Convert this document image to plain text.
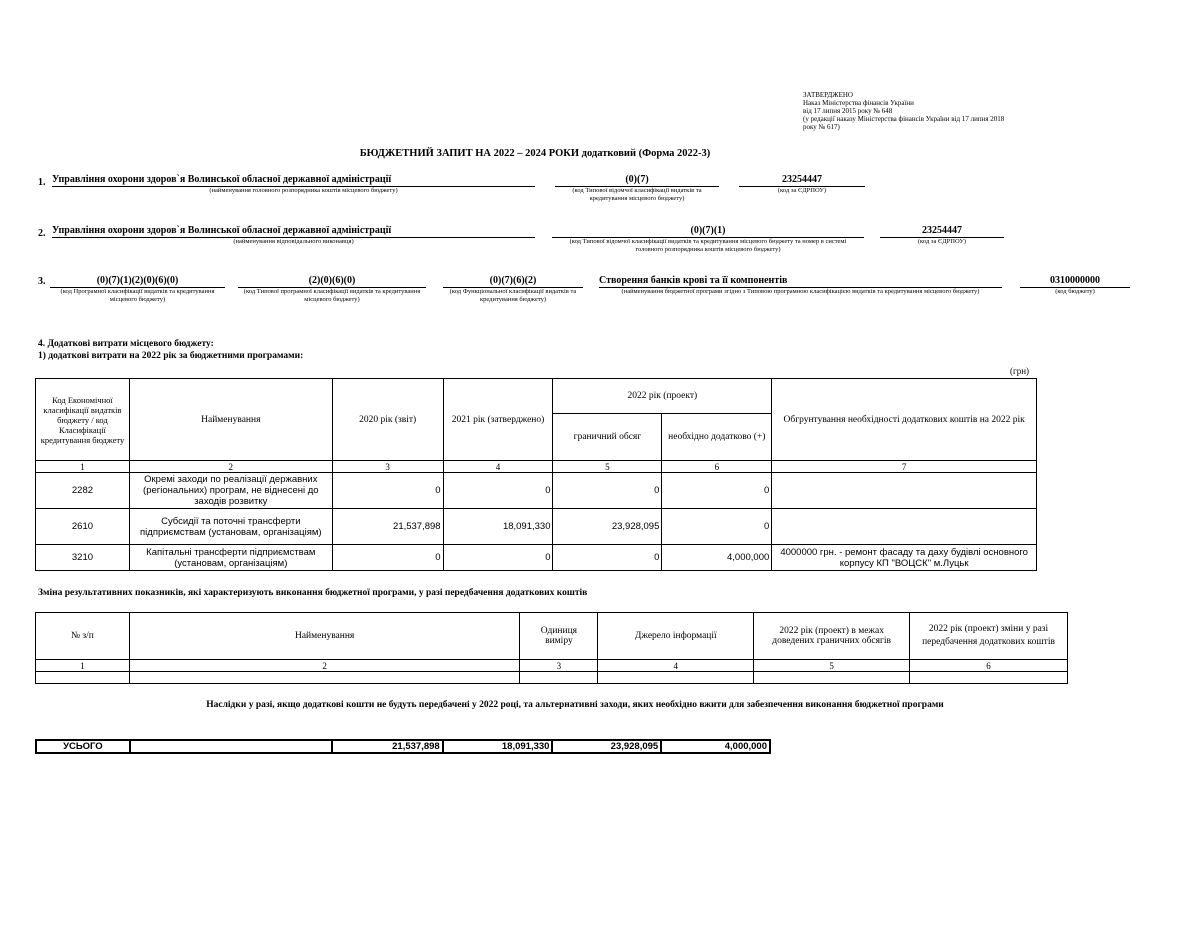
ЗАТВЕРДЖЕНО
Наказ Міністерства фінансів України
від 17 липня 2015 року № 648
(у редакції наказу Міністерства фінансів України від 17 липня 2018
року № 617)
БЮДЖЕТНИЙ ЗАПИТ НА 2022 – 2024 РОКИ додатковий (Форма 2022-3)
1. Управління охорони здоров`я Волинської обласної державної адміністрації
(найменування головного розпорядника коштів місцевого бюджету)
(0)(7)
(код Типової відомчої класифікації видатків та кредитування місцевого бюджету)
23254447
(код за ЄДРПОУ)
2. Управління охорони здоров`я Волинської обласної державної адміністрації
(найменування відповідального виконавця)
(0)(7)(1)
(код Типової відомчої класифікації видатків та кредитування місцевого бюджету та номер в системі головного розпорядника коштів місцевого бюджету)
23254447
(код за ЄДРПОУ)
3.	(0)(7)(1)(2)(0)(6)(0)
(код Програмної класифікації видатків та кредитування місцевого бюджету)
(2)(0)(6)(0)
(код Типової програмної класифікації видатків та кредитування місцевого бюджету)
(0)(7)(6)(2)
(код Функціональної класифікації видатків та кредитування бюджету)
Створення банків крові та її компонентів
(найменування бюджетної програми згідно з Типовою програмною класифікацією видатків та кредитування місцевого бюджету)
0310000000
(код бюджету)
4. Додаткові витрати місцевого бюджету:
1) додаткові витрати на 2022 рік за бюджетними програмами:
(грн)
Код Економічної класифікації видатків бюджету / код Класифікації кредитування бюджету	Найменування	2020 рік (звіт)	2021 рік (затверджено)	2022 рік (проект)		Обгрунтування необхідності додаткових коштів на 2022 рік
				граничний обсяг	необхідно додатково (+)	
1	2	3	4	5	6	7
2282	Окремі заходи по реалізації державних (регіональних) програм, не віднесені до заходів розвитку	0	0	0	0	
2610	Субсидії та поточні трансферти підприємствам (установам, організаціям)	21,537,898	18,091,330	23,928,095	0	
3210	Капітальні трансферти підприємствам (установам, організаціям)	0	0	0	4,000,000	4000000 грн. - ремонт фасаду та даху будівлі основного корпусу КП "ВОЦСК" м.Луцьк
Зміна результативних показників, які характеризують виконання бюджетної програми, у разі передбачення додаткових коштів
№ з/п	Найменування	Одиниця виміру	Джерело інформації	2022 рік (проект) в межах доведених граничних обсягів	2022 рік (проект) зміни у разі передбачення додаткових коштів
1	2	3	4	5	6

Наслідки у разі, якщо додаткові кошти не будуть передбачені у 2022 році, та альтернативні заходи, яких необхідно вжити для забезпечення виконання бюджетної програми
УСЬОГО		21,537,898	18,091,330	23,928,095	4,000,000
